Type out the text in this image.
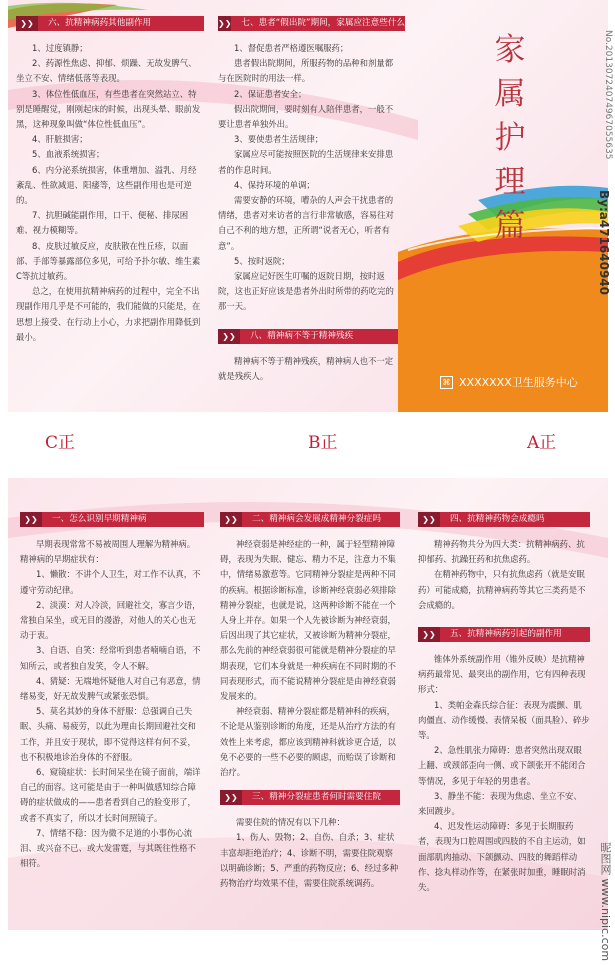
❯❯	六、抗精神病药其他副作用

1、过度镇静；

2、药源性焦虑、抑郁、烦躁、无故发脾气、坐立不安、情绪低落等表现。

3、体位性低血压，有些患者在突然站立、特别是睡醒觉，刚刚起床的时候，出现头晕、眼前发黑，这种现象叫做“体位性低血压”。

4、肝脏损害；

5、血液系统损害；

6、内分泌系统损害，体重增加、溢乳、月经紊乱、性欲减退、阳痿等，这些副作用也是可逆的。

7、抗胆碱能副作用，口干、便秘、排尿困难、视力模糊等。

8、皮肤过敏反应，皮肤散在性丘疹，以面部、手部等暴露部位多见，可给予扑尔敏、维生素C等抗过敏药。

总之，在使用抗精神病药的过程中，完全不出现副作用几乎是不可能的，我们能做的只能是，在思想上接受、在行动上小心，力求把副作用降低到最小。

❯❯	七、患者“假出院”期间，家属应注意些什么

1、督促患者严格遵医嘱服药；

患者假出院期间，所服药物的品种和剂量都与在医院时的用法一样。

2、保证患者安全；

假出院期间，要时刻有人陪伴患者，一般不要让患者单独外出。

3、要使患者生活规律；

家属应尽可能按照医院的生活规律来安排患者的作息时间。

4、保持环境的单调；

需要安静的环境，嘈杂的人声会干扰患者的情绪，患者对来访者的言行非常敏感，容易往对自己不利的地方想，正所谓“说者无心，听者有意”。

5、按时返院；

家属应记好医生叮嘱的返院日期，按时返院，这也正好应该是患者外出时所带的药吃完的那一天。

❯❯	八、精神病不等于精神残疾

精神病不等于精神残疾，精神病人也不一定就是残疾人。

家
属
护
理
篇
⌘ XXXXXXX卫生服务中心
No.20130724074967055635
By:a471640940
C正	B正	A正
❯❯	一、怎么识别早期精神病

早期表现常常不易被周围人理解为精神病。

精神病的早期症状有：

1、懒散：不讲个人卫生，对工作不认真，不遵守劳动纪律。

2、淡漠：对人冷淡，回避社交，寡言少语，常独自呆坐，或无目的漫游，对他人的关心也无动于衷。

3、自语、自笑：经常听到患者喃喃自语，不知所云，或者独自发笑，令人不解。

4、猜疑：无端地怀疑他人对自己有恶意，情绪易变，好无故发脾气或紧张恐惧。

5、莫名其妙的身体不舒服：总强调自己失眠、头痛、易疲劳，以此为理由长期回避社交和工作，并且安于现状，即不觉得这样有何不妥，也不积极地诊治身体的不舒服。

6、窥镜症状：长时间呆坐在镜子面前，端详自己的面容。这可能是由于一种叫做感知综合障碍的症状做成的——患者看到自己的脸变形了，或者不真实了，所以才长时间照镜子。

7、情绪不稳：因为微不足道的小事伤心流泪、或兴奋不已、或大发雷霆，与其既往性格不相符。

❯❯	二、精神病会发展成精神分裂症吗

神经衰弱是神经症的一种，属于轻型精神障碍，表现为失眠、健忘、精力不足，注意力不集中，情绪易激惹等。它同精神分裂症是两种不同的疾病。根据诊断标准，诊断神经衰弱必须排除精神分裂症，也就是说，这两种诊断不能在一个人身上并存。如果一个人先被诊断为神经衰弱，后因出现了其它症状，又被诊断为精神分裂症，那么先前的神经衰弱很可能就是精神分裂症的早期表现，它们本身就是一种疾病在不同时期的不同表现形式，而不能说精神分裂症是由神经衰弱发展来的。

神经衰弱、精神分裂症都是精神科的疾病，不论是从鉴别诊断的角度，还是从治疗方法的有效性上来考虑，都应该到精神科就诊更合适，以免不必要的一些不必要的顾虑，而贻误了诊断和治疗。

❯❯	三、精神分裂症患者何时需要住院

需要住院的情况有以下几种：

1、伤人、毁物；2、自伤、自杀；3、症状丰富却拒绝治疗；4、诊断不明，需要住院观察以明确诊断；5、严重的药物反应；6、经过多种药物治疗均效果不佳，需要住院系统调药。

❯❯	四、抗精神药物会成瘾吗

精神药物共分为四大类：抗精神病药、抗抑郁药、抗躁狂药和抗焦虑药。

在精神药物中，只有抗焦虑药（就是安眠药）可能成瘾，抗精神病药等其它三类药是不会成瘾的。

❯❯	五、抗精神病药引起的副作用

锥体外系统副作用（锥外反映）是抗精神病药最常见、最突出的副作用，它有四种表现形式：

1、类帕金森氏综合征：表现为震颤、肌肉僵直、动作缓慢、表情呆板（面具脸）、碎步等。

2、急性肌张力障碍：患者突然出现双眼上翻、或颈部歪向一侧、或下颌张开不能闭合等情况，多见于年轻的男患者。

3、静坐不能：表现为焦虑、坐立不安、来回踱步。

4、迟发性运动障碍：多见于长期服药者，表现为口腔周围或四肢的不自主运动，如面部肌肉抽动、下颌颤动、四肢的舞蹈样动作、捻丸样动作等，在紧张时加重，睡眠时消失。	昵图网 www.nipic.com
